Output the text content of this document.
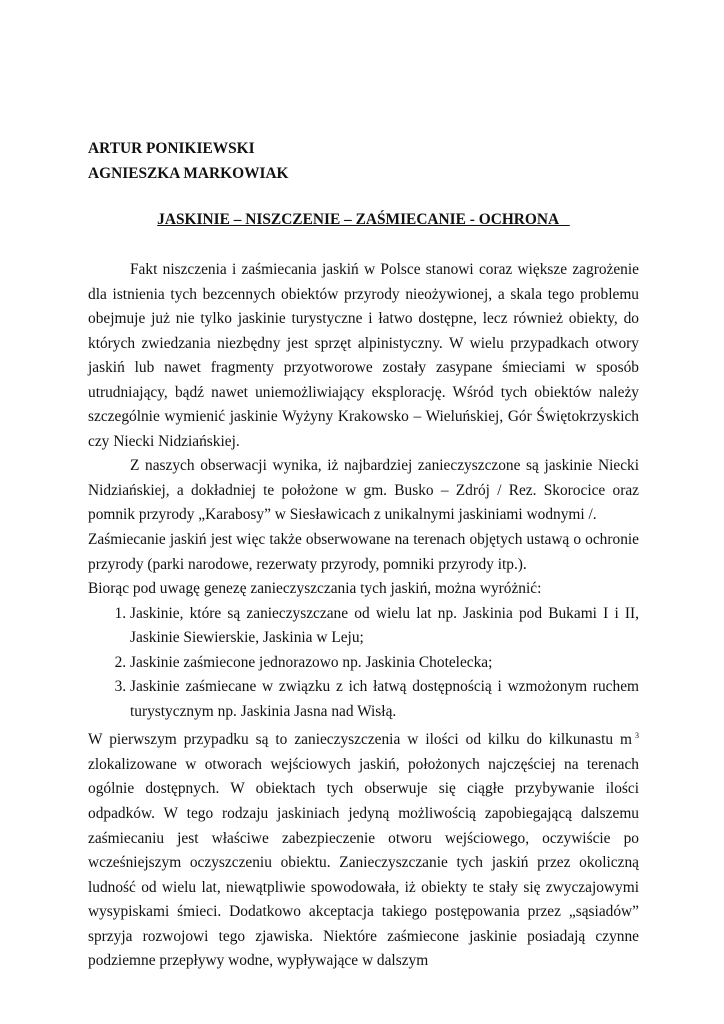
ARTUR PONIKIEWSKI
AGNIESZKA MARKOWIAK
JASKINIE – NISZCZENIE – ZAŚMIECANIE - OCHRONA

Fakt niszczenia i zaśmiecania jaskiń w Polsce stanowi coraz większe zagrożenie dla istnienia tych bezcennych obiektów przyrody nieożywionej, a skala tego problemu obejmuje już nie tylko jaskinie turystyczne i łatwo dostępne, lecz również obiekty, do których zwiedzania niezbędny jest sprzęt alpinistyczny. W wielu przypadkach otwory jaskiń lub nawet fragmenty przyotworowe zostały zasypane śmieciami w sposób utrudniający, bądź nawet uniemożliwiający eksplorację. Wśród tych obiektów należy szczególnie wymienić jaskinie Wyżyny Krakowsko – Wieluńskiej, Gór Świętokrzyskich czy Niecki Nidziańskiej.

Z naszych obserwacji wynika, iż najbardziej zanieczyszczone są jaskinie Niecki Nidziańskiej, a dokładniej te położone w gm. Busko – Zdrój / Rez. Skorocice oraz pomnik przyrody „Karabosy” w Siesławicach z unikalnymi jaskiniami wodnymi /.

Zaśmiecanie jaskiń jest więc także obserwowane na terenach objętych ustawą o ochronie przyrody (parki narodowe, rezerwaty przyrody, pomniki przyrody itp.).

Biorąc pod uwagę genezę zanieczyszczania tych jaskiń, można wyróżnić:

1. Jaskinie, które są zanieczyszczane od wielu lat np. Jaskinia pod Bukami I i II, Jaskinie Siewierskie, Jaskinia w Leju;
2. Jaskinie zaśmiecone jednorazowo np. Jaskinia Chotelecka;
3. Jaskinie zaśmiecane w związku z ich łatwą dostępnością i wzmożonym ruchem turystycznym np. Jaskinia Jasna nad Wisłą.

W pierwszym przypadku są to zanieczyszczenia w ilości od kilku do kilkunastu m $^3$ zlokalizowane w otworach wejściowych jaskiń, położonych najczęściej na terenach ogólnie dostępnych. W obiektach tych obserwuje się ciągłe przybywanie ilości odpadków. W tego rodzaju jaskiniach jedyną możliwością zapobiegającą dalszemu zaśmiecaniu jest właściwe zabezpieczenie otworu wejściowego, oczywiście po wcześniejszym oczyszczeniu obiektu. Zanieczyszczanie tych jaskiń przez okoliczną ludność od wielu lat, niewątpliwie spowodowała, iż obiekty te stały się zwyczajowymi wysypiskami śmieci. Dodatkowo akceptacja takiego postępowania przez „sąsiadów” sprzyja rozwojowi tego zjawiska. Niektóre zaśmiecone jaskinie posiadają czynne podziemne przepływy wodne, wypływające w dalszym
